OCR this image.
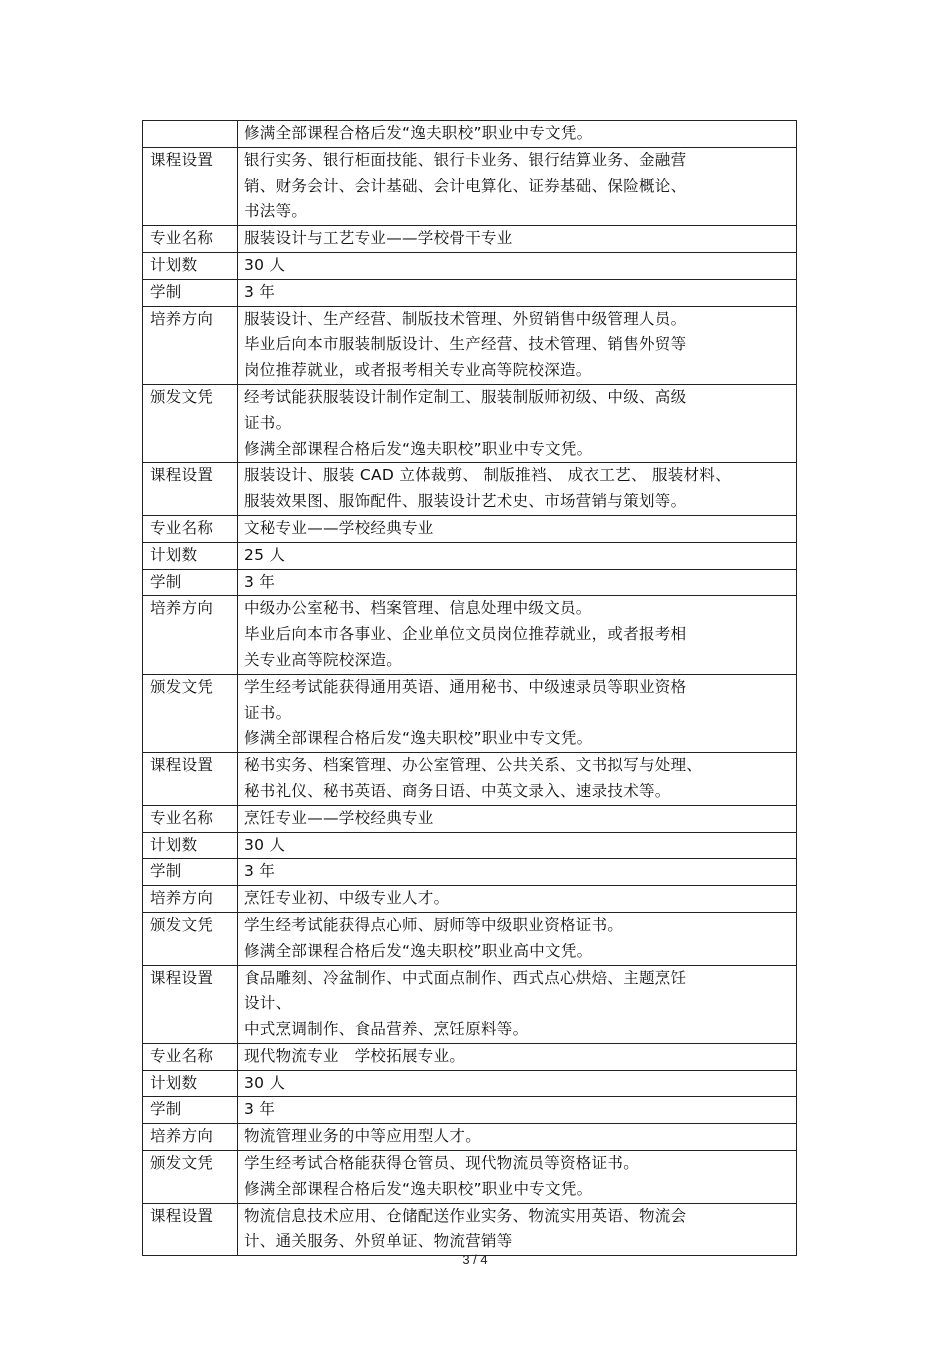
	修满全部课程合格后发“逸夫职校”职业中专文凭。

课程设置	银行实务、银行柜面技能、银行卡业务、银行结算业务、金融营
销、财务会计、会计基础、会计电算化、证券基础、保险概论、
书法等。

专业名称	服装设计与工艺专业——学校骨干专业

计划数	30 人

学制	3 年

培养方向	服装设计、生产经营、制版技术管理、外贸销售中级管理人员。
毕业后向本市服装制版设计、生产经营、技术管理、销售外贸等
岗位推荐就业，或者报考相关专业高等院校深造。

颁发文凭	经考试能获服装设计制作定制工、服装制版师初级、中级、高级
证书。
修满全部课程合格后发“逸夫职校”职业中专文凭。

课程设置	服装设计、服装 CAD 立体裁剪、 制版推裆、 成衣工艺、 服装材料、
服装效果图、服饰配件、服装设计艺术史、市场营销与策划等。

专业名称	文秘专业——学校经典专业

计划数	25 人

学制	3 年

培养方向	中级办公室秘书、档案管理、信息处理中级文员。
毕业后向本市各事业、企业单位文员岗位推荐就业，或者报考相
关专业高等院校深造。

颁发文凭	学生经考试能获得通用英语、通用秘书、中级速录员等职业资格
证书。
修满全部课程合格后发“逸夫职校”职业中专文凭。

课程设置	秘书实务、档案管理、办公室管理、公共关系、文书拟写与处理、
秘书礼仪、秘书英语、商务日语、中英文录入、速录技术等。

专业名称	烹饪专业——学校经典专业

计划数	30 人

学制	3 年

培养方向	烹饪专业初、中级专业人才。

颁发文凭	学生经考试能获得点心师、厨师等中级职业资格证书。
修满全部课程合格后发“逸夫职校”职业高中文凭。

课程设置	食品雕刻、冷盆制作、中式面点制作、西式点心烘焙、主题烹饪
设计、
中式烹调制作、食品营养、烹饪原料等。

专业名称	现代物流专业　学校拓展专业。

计划数	30 人

学制	3 年

培养方向	物流管理业务的中等应用型人才。

颁发文凭	学生经考试合格能获得仓管员、现代物流员等资格证书。
修满全部课程合格后发“逸夫职校”职业中专文凭。

课程设置	物流信息技术应用、仓储配送作业实务、物流实用英语、物流会
计、通关服务、外贸单证、物流营销等
3 / 4
